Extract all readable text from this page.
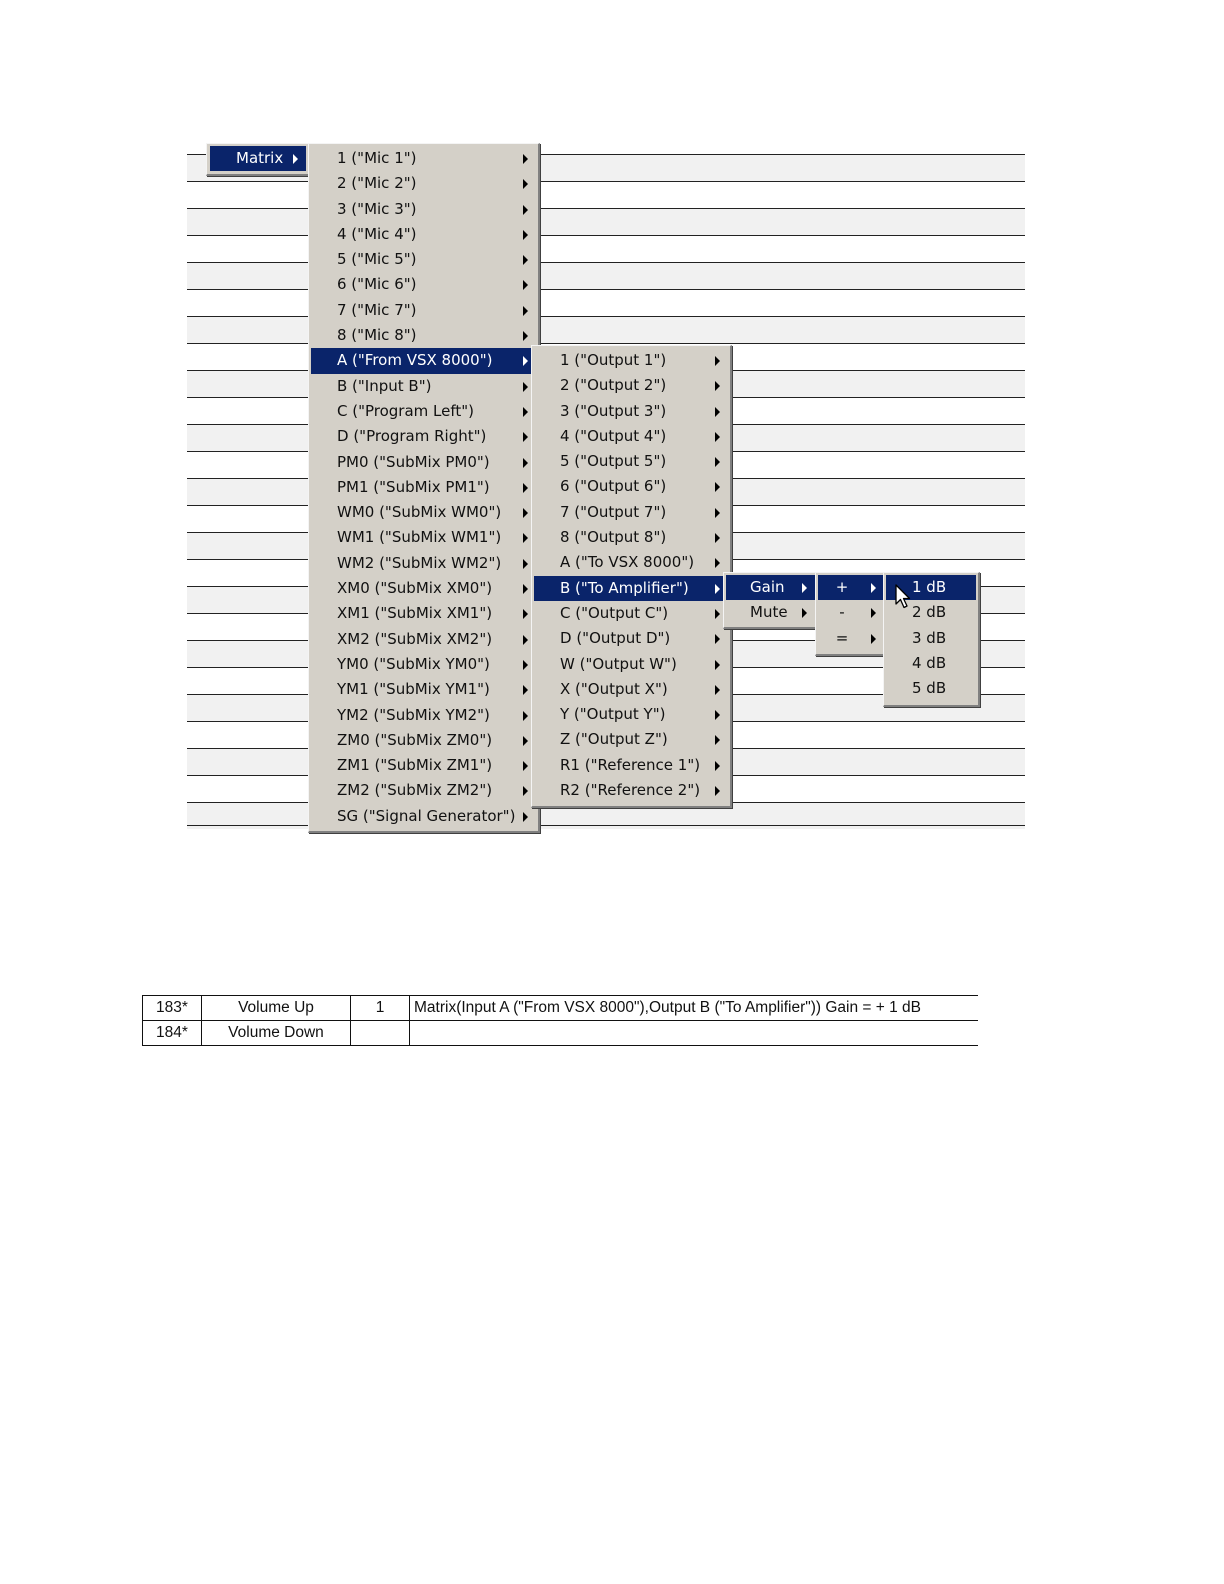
Matrix	1 ("Mic 1")
2 ("Mic 2")
3 ("Mic 3")
4 ("Mic 4")
5 ("Mic 5")
6 ("Mic 6")
7 ("Mic 7")
8 ("Mic 8")
A ("From VSX 8000")
B ("Input B")
C ("Program Left")
D ("Program Right")
PM0 ("SubMix PM0")
PM1 ("SubMix PM1")
WM0 ("SubMix WM0")
WM1 ("SubMix WM1")
WM2 ("SubMix WM2")
XM0 ("SubMix XM0")
XM1 ("SubMix XM1")
XM2 ("SubMix XM2")
YM0 ("SubMix YM0")
YM1 ("SubMix YM1")
YM2 ("SubMix YM2")
ZM0 ("SubMix ZM0")
ZM1 ("SubMix ZM1")
ZM2 ("SubMix ZM2")
SG ("Signal Generator")
1 ("Output 1")
2 ("Output 2")
3 ("Output 3")
4 ("Output 4")
5 ("Output 5")
6 ("Output 6")
7 ("Output 7")
8 ("Output 8")
A ("To VSX 8000")
B ("To Amplifier")
C ("Output C")
D ("Output D")
W ("Output W")
X ("Output X")
Y ("Output Y")
Z ("Output Z")
R1 ("Reference 1")
R2 ("Reference 2")
Gain
Mute
+
-
=
1 dB
2 dB
3 dB
4 dB
5 dB
183*	Volume Up	1	Matrix(Input A ("From VSX 8000"),Output B ("To Amplifier")) Gain = + 1 dB
184*	Volume Down		
